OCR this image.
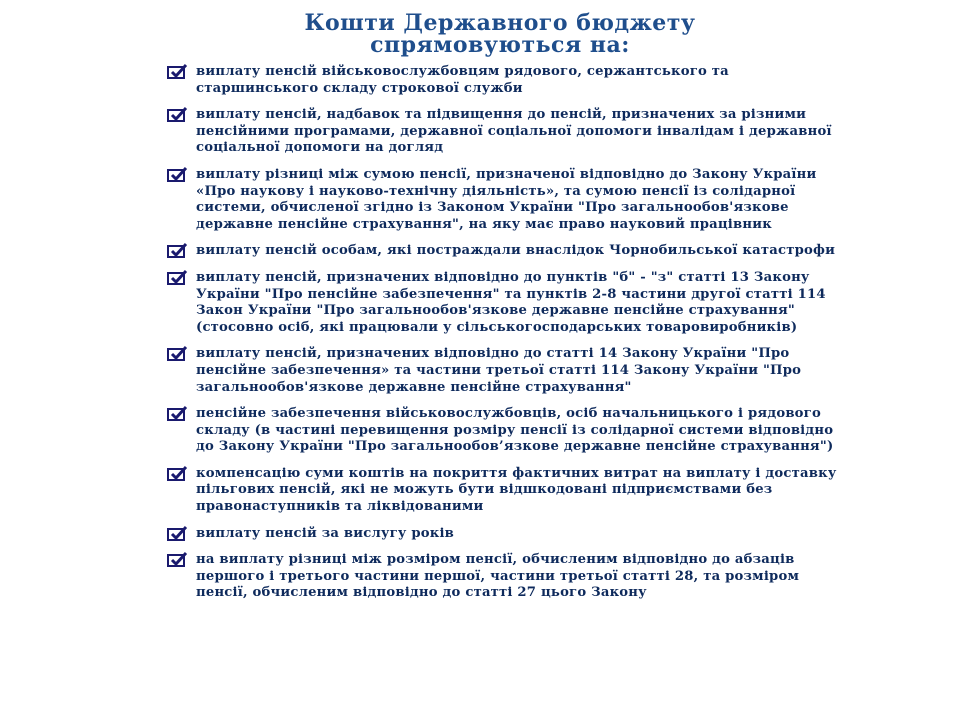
Кошти Державного бюджету
спрямовуються на:
виплату пенсій військовослужбовцям рядового, сержантського та старшинського складу строкової служби
виплату пенсій, надбавок та підвищення до пенсій, призначених за різними пенсійними програмами, державної соціальної допомоги інвалідам і державної соціальної допомоги на догляд
виплату різниці між сумою пенсії, призначеної відповідно до Закону України «Про наукову і науково-технічну діяльність», та сумою пенсії із солідарної системи, обчисленої згідно із Законом України "Про загальнообов'язкове державне пенсійне страхування", на яку має право науковий працівник
виплату пенсій особам, які постраждали внаслідок Чорнобильської катастрофи
виплату пенсій, призначених відповідно до пунктів "б" - "з" статті 13 Закону України "Про пенсійне забезпечення" та пунктів 2-8 частини другої статті 114 Закон України "Про загальнообов'язкове державне пенсійне страхування" (стосовно осіб, які працювали у сільськогосподарських товаровиробників)
виплату пенсій, призначених відповідно до статті 14 Закону України "Про пенсійне забезпечення» та частини третьої статті 114 Закону України "Про загальнообов'язкове державне пенсійне страхування"
пенсійне забезпечення військовослужбовців, осіб начальницького і рядового складу (в частині перевищення розміру пенсії із солідарної системи відповідно до Закону України "Про загальнообов’язкове державне пенсійне страхування")
компенсацію суми коштів на покриття фактичних витрат на виплату і доставку пільгових пенсій, які не можуть бути відшкодовані підприємствами без правонаступників та ліквідованими
виплату пенсій за вислугу років
на виплату різниці між розміром пенсії, обчисленим відповідно до абзаців першого і третього частини першої, частини третьої статті 28, та розміром пенсії, обчисленим відповідно до статті 27 цього Закону
